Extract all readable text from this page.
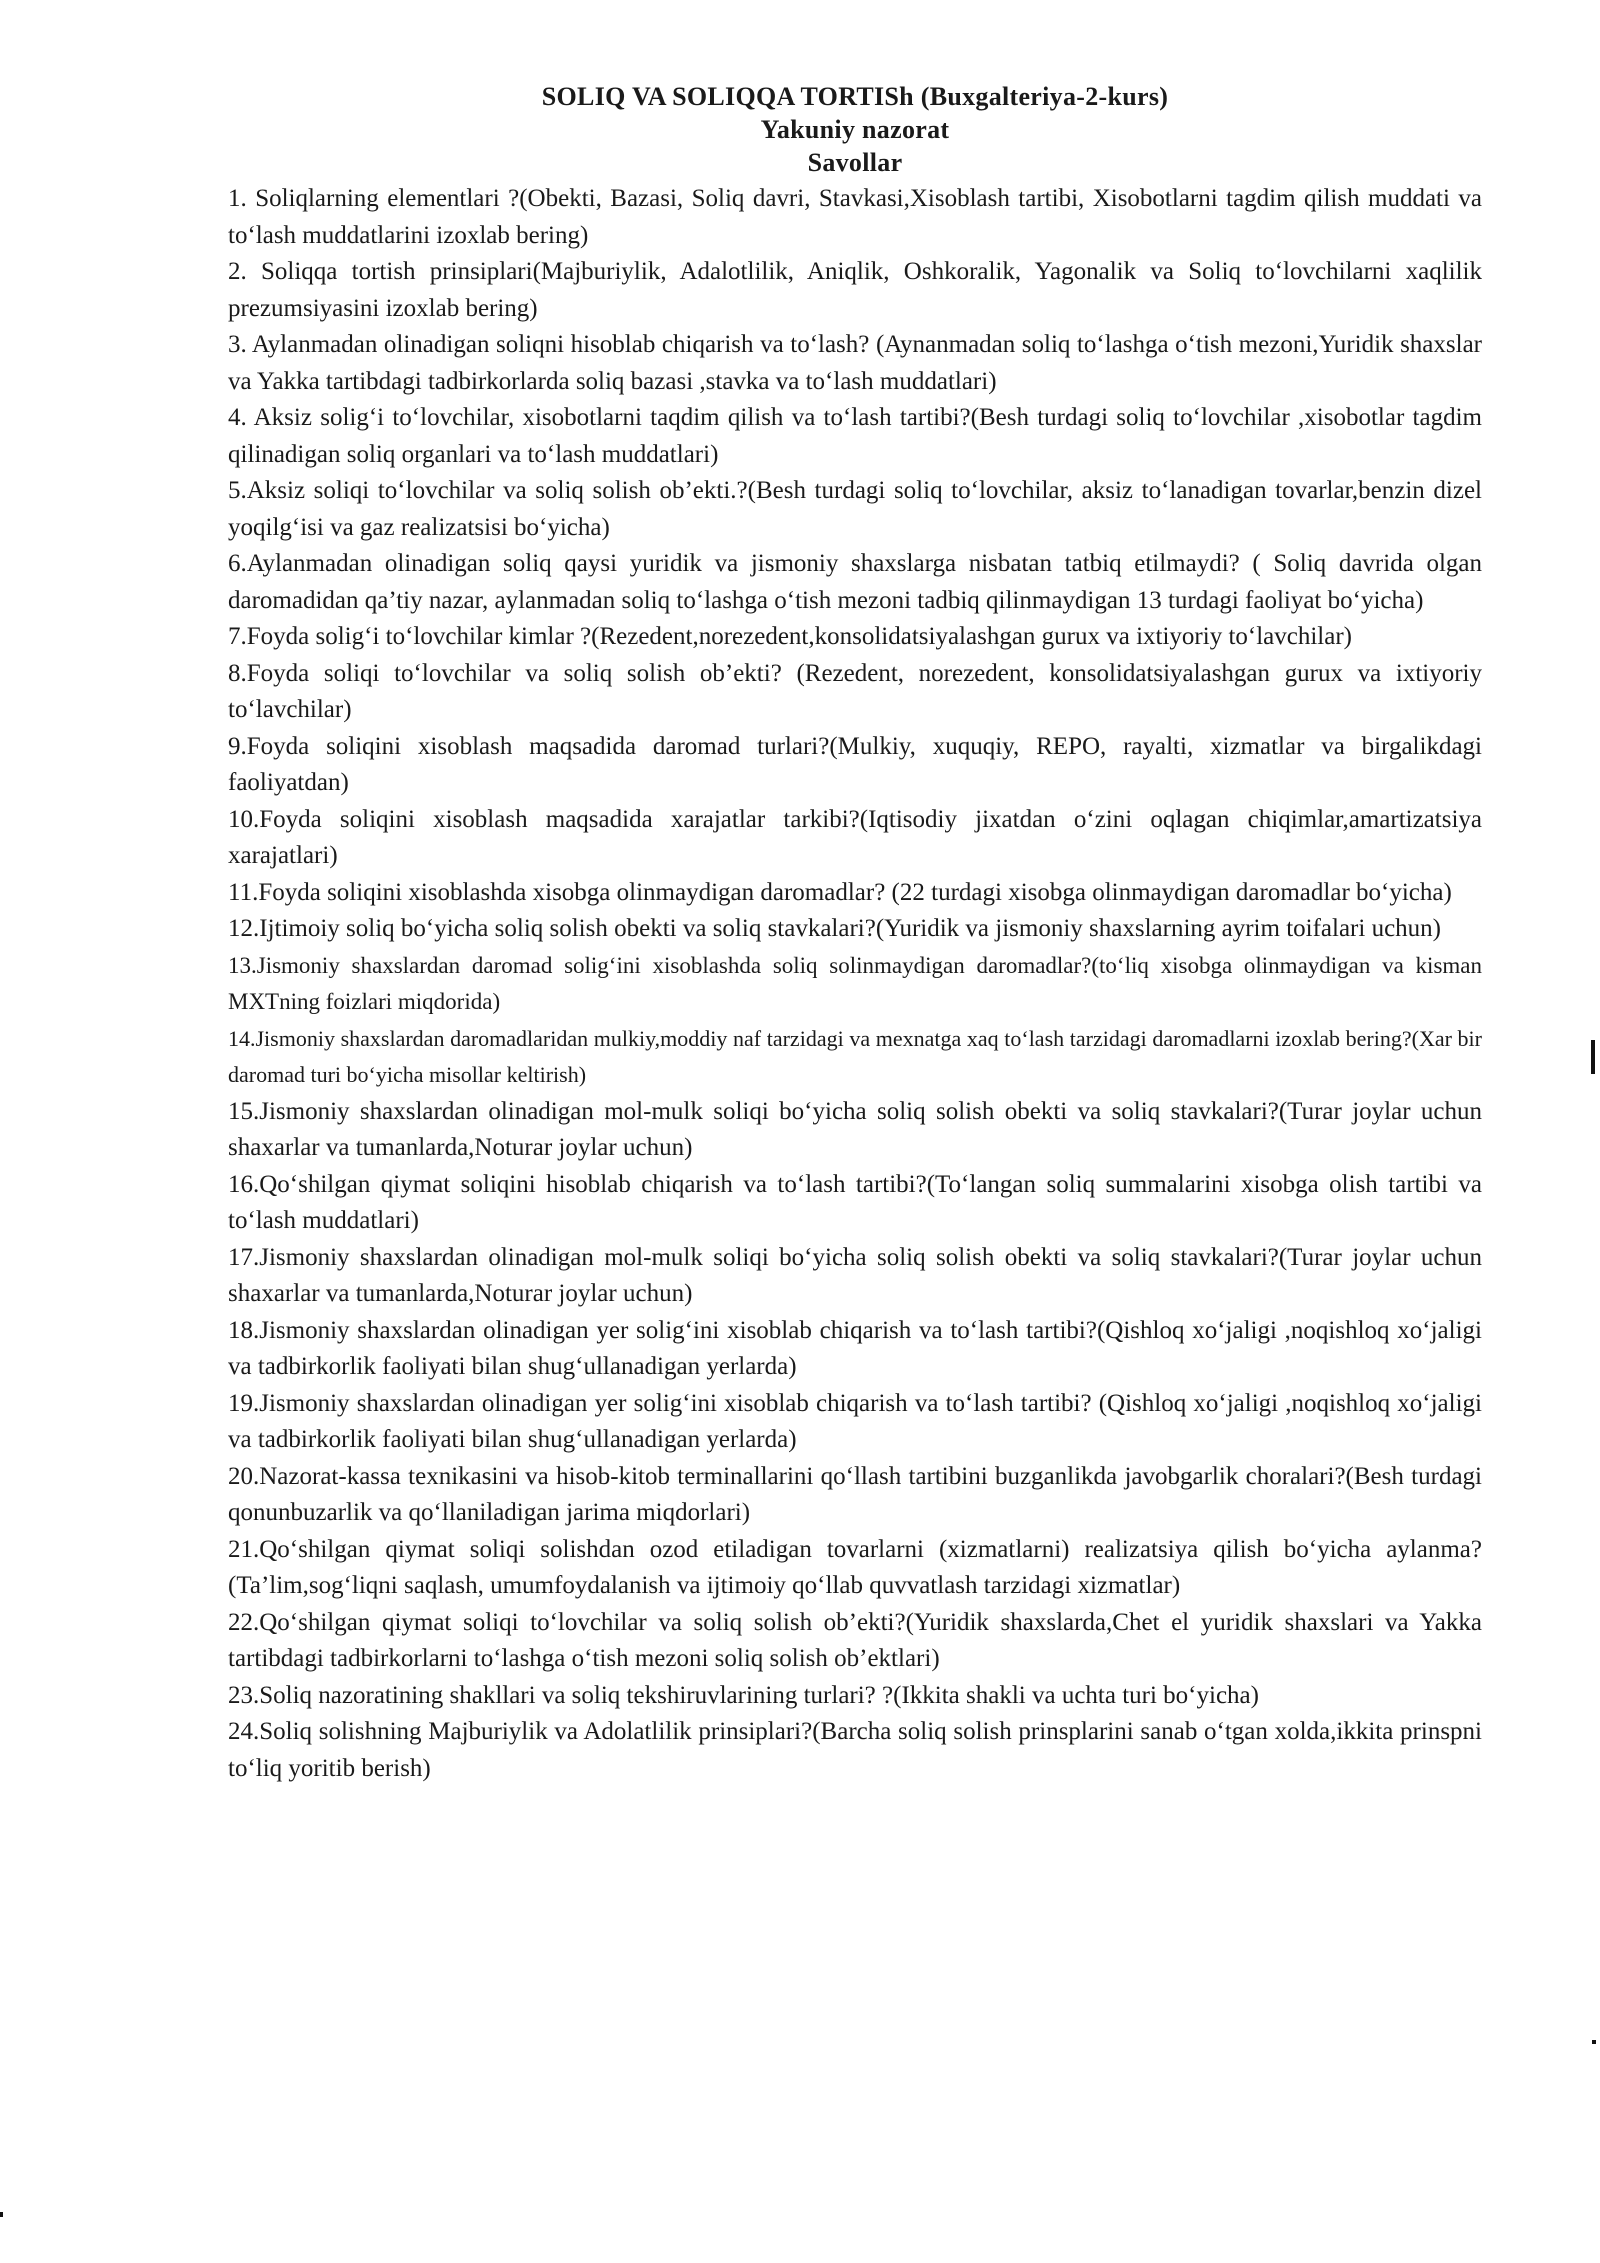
SOLIQ VA SOLIQQA TORTISh (Buxgalteriya-2-kurs)
Yakuniy nazorat
Savollar

1. Soliqlarning elementlari ?(Obekti, Bazasi, Soliq davri, Stavkasi,Xisoblash tartibi, Xisobotlarni tagdim qilish muddati va to‘lash muddatlarini izoxlab bering)

2. Soliqqa tortish prinsiplari(Majburiylik, Adalotlilik, Aniqlik, Oshkoralik, Yagonalik va Soliq to‘lovchilarni xaqlilik prezumsiyasini izoxlab bering)

3. Aylanmadan olinadigan soliqni hisoblab chiqarish va to‘lash? (Aynanmadan soliq to‘lashga o‘tish mezoni,Yuridik shaxslar va Yakka tartibdagi tadbirkorlarda soliq bazasi ,stavka va to‘lash muddatlari)

4. Aksiz solig‘i to‘lovchilar, xisobotlarni taqdim qilish va to‘lash tartibi?(Besh turdagi soliq to‘lovchilar ,xisobotlar tagdim qilinadigan soliq organlari va to‘lash muddatlari)

5.Aksiz soliqi to‘lovchilar va soliq solish ob’ekti.?(Besh turdagi soliq to‘lovchilar, aksiz to‘lanadigan tovarlar,benzin dizel yoqilg‘isi va gaz realizatsisi bo‘yicha)

6.Aylanmadan olinadigan soliq qaysi yuridik va jismoniy shaxslarga nisbatan tatbiq etilmaydi? ( Soliq davrida olgan daromadidan qa’tiy nazar, aylanmadan soliq to‘lashga o‘tish mezoni tadbiq qilinmaydigan 13 turdagi faoliyat bo‘yicha)

7.Foyda solig‘i to‘lovchilar kimlar ?(Rezedent,norezedent,konsolidatsiyalashgan gurux va ixtiyoriy to‘lavchilar)

8.Foyda soliqi to‘lovchilar va soliq solish ob’ekti? (Rezedent, norezedent, konsolidatsiyalashgan gurux va ixtiyoriy to‘lavchilar)

9.Foyda soliqini xisoblash maqsadida daromad turlari?(Mulkiy, xuquqiy, REPO, rayalti, xizmatlar va birgalikdagi faoliyatdan)

10.Foyda soliqini xisoblash maqsadida xarajatlar tarkibi?(Iqtisodiy jixatdan o‘zini oqlagan chiqimlar,amartizatsiya xarajatlari)

11.Foyda soliqini xisoblashda xisobga olinmaydigan daromadlar? (22 turdagi xisobga olinmaydigan daromadlar bo‘yicha)

12.Ijtimoiy soliq bo‘yicha soliq solish obekti va soliq stavkalari?(Yuridik va jismoniy shaxslarning ayrim toifalari uchun)

13.Jismoniy shaxslardan daromad solig‘ini xisoblashda soliq solinmaydigan daromadlar?(to‘liq xisobga olinmaydigan va kisman MXTning foizlari miqdorida)

14.Jismoniy shaxslardan daromadlaridan mulkiy,moddiy naf tarzidagi va mexnatga xaq to‘lash tarzidagi daromadlarni izoxlab bering?(Xar bir daromad turi bo‘yicha misollar keltirish)

15.Jismoniy shaxslardan olinadigan mol-mulk soliqi bo‘yicha soliq solish obekti va soliq stavkalari?(Turar joylar uchun shaxarlar va tumanlarda,Noturar joylar uchun)

16.Qo‘shilgan qiymat soliqini hisoblab chiqarish va to‘lash tartibi?(To‘langan soliq summalarini xisobga olish tartibi va to‘lash muddatlari)

17.Jismoniy shaxslardan olinadigan mol-mulk soliqi bo‘yicha soliq solish obekti va soliq stavkalari?(Turar joylar uchun shaxarlar va tumanlarda,Noturar joylar uchun)

18.Jismoniy shaxslardan olinadigan yer solig‘ini xisoblab chiqarish va to‘lash tartibi?(Qishloq xo‘jaligi ,noqishloq xo‘jaligi va tadbirkorlik faoliyati bilan shug‘ullanadigan yerlarda)

19.Jismoniy shaxslardan olinadigan yer solig‘ini xisoblab chiqarish va to‘lash tartibi? (Qishloq xo‘jaligi ,noqishloq xo‘jaligi va tadbirkorlik faoliyati bilan shug‘ullanadigan yerlarda)

20.Nazorat-kassa texnikasini va hisob-kitob terminallarini qo‘llash tartibini buzganlikda javobgarlik choralari?(Besh turdagi qonunbuzarlik va qo‘llaniladigan jarima miqdorlari)

21.Qo‘shilgan qiymat soliqi solishdan ozod etiladigan tovarlarni (xizmatlarni) realizatsiya qilish bo‘yicha aylanma?(Ta’lim,sog‘liqni saqlash, umumfoydalanish va ijtimoiy qo‘llab quvvatlash tarzidagi xizmatlar)

22.Qo‘shilgan qiymat soliqi to‘lovchilar va soliq solish ob’ekti?(Yuridik shaxslarda,Chet el yuridik shaxslari va Yakka tartibdagi tadbirkorlarni to‘lashga o‘tish mezoni soliq solish ob’ektlari)

23.Soliq nazoratining shakllari va soliq tekshiruvlarining turlari? ?(Ikkita shakli va uchta turi bo‘yicha)

24.Soliq solishning Majburiylik va Adolatlilik prinsiplari?(Barcha soliq solish prinsplarini sanab o‘tgan xolda,ikkita prinspni to‘liq yoritib berish)
